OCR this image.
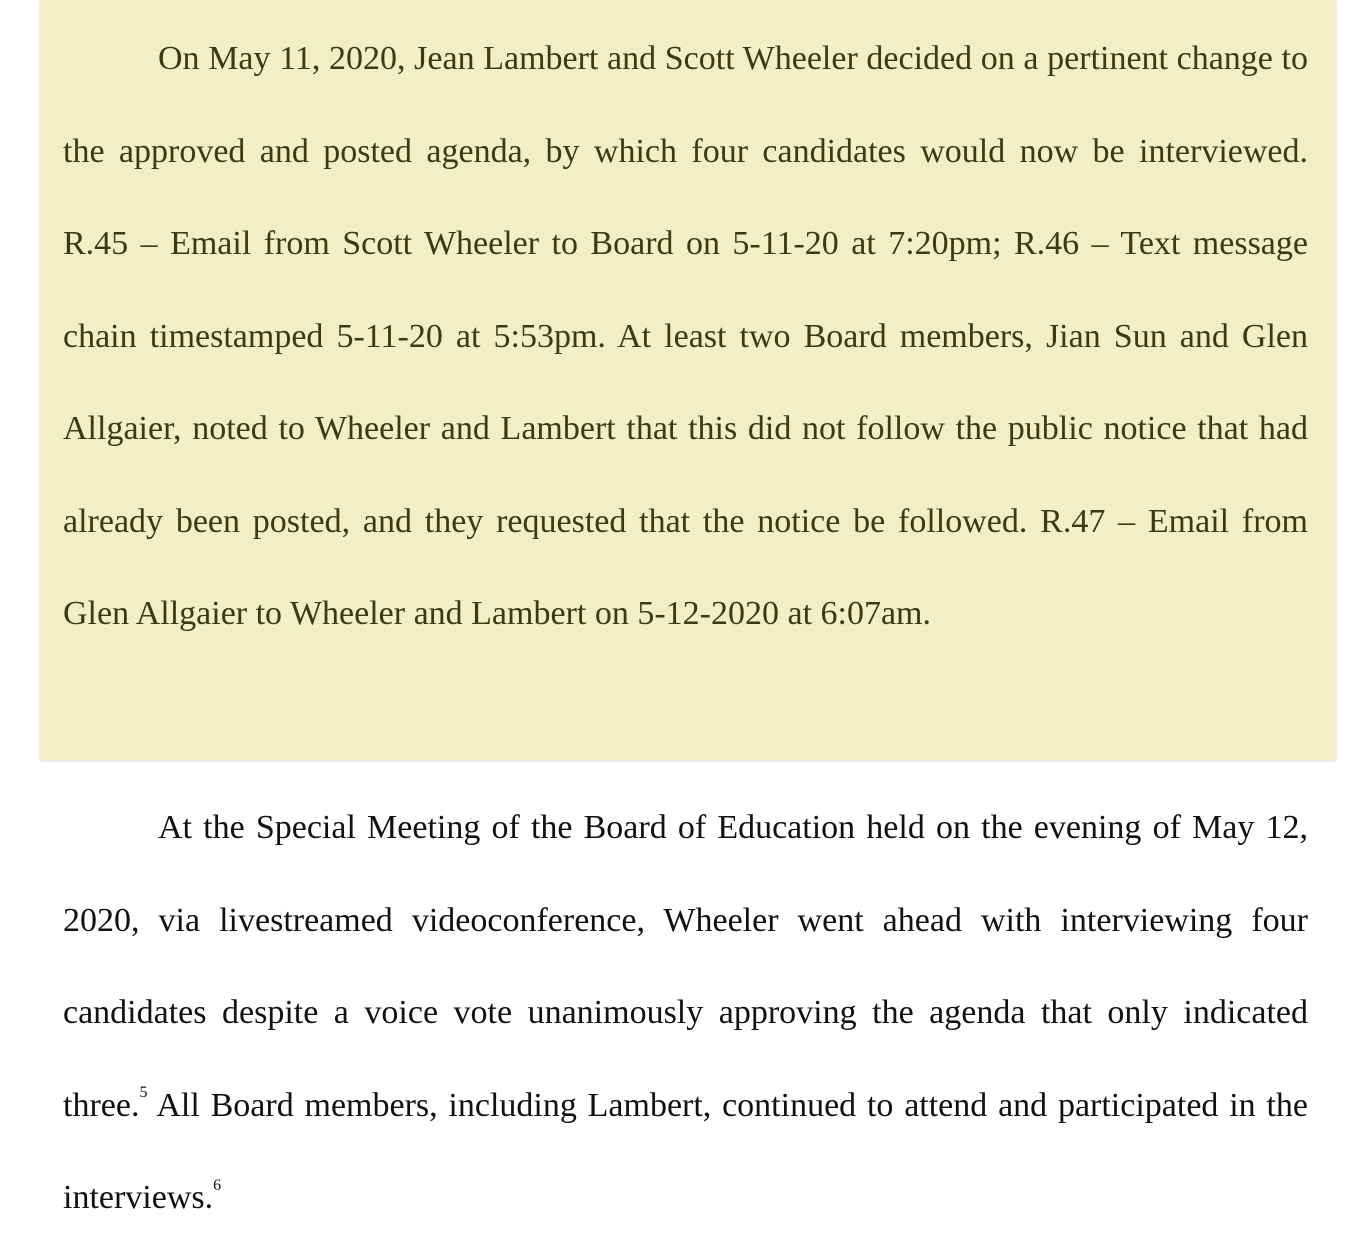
On May 11, 2020, Jean Lambert and Scott Wheeler decided on a pertinent change to the approved and posted agenda, by which four candidates would now be interviewed. R.45 – Email from Scott Wheeler to Board on 5-11-20 at 7:20pm; R.46 – Text message chain timestamped 5-11-20 at 5:53pm. At least two Board members, Jian Sun and Glen Allgaier, noted to Wheeler and Lambert that this did not follow the public notice that had already been posted, and they requested that the notice be followed. R.47 – Email from Glen Allgaier to Wheeler and Lambert on 5-12-2020 at 6:07am.

At the Special Meeting of the Board of Education held on the evening of May 12, 2020, via livestreamed videoconference, Wheeler went ahead with interviewing four candidates despite a voice vote unanimously approving the agenda that only indicated three.$^5$ All Board members, including Lambert, continued to attend and participated in the interviews.$^6$
